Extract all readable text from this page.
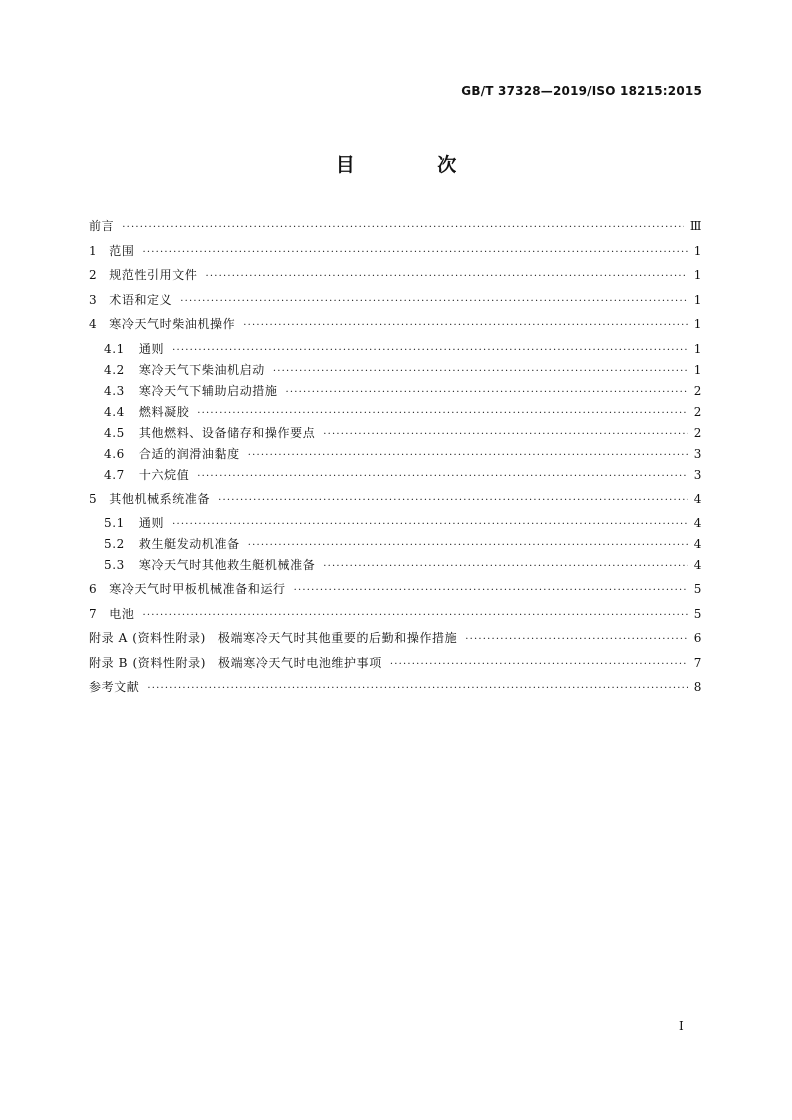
GB/T 37328—2019/ISO 18215:2015
目 次
前言 ·····	Ⅲ
1 范围 ·····	1
2 规范性引用文件 ·····	1
3 术语和定义 ·····	1
4 寒冷天气时柴油机操作 ·····	1
4.1 通则 ·····	1
4.2 寒冷天气下柴油机启动 ·····	1
4.3 寒冷天气下辅助启动措施 ·····	2
4.4 燃料凝胶 ·····	2
4.5 其他燃料、设备储存和操作要点 ·····	2
4.6 合适的润滑油黏度 ·····	3
4.7 十六烷值 ·····	3
5 其他机械系统准备 ·····	4
5.1 通则 ·····	4
5.2 救生艇发动机准备 ·····	4
5.3 寒冷天气时其他救生艇机械准备 ·····	4
6 寒冷天气时甲板机械准备和运行 ·····	5
7 电池 ·····	5
附录 A (资料性附录) 极端寒冷天气时其他重要的后勤和操作措施 ·····	6
附录 B (资料性附录) 极端寒冷天气时电池维护事项 ·····	7
参考文献 ·····	8
I
